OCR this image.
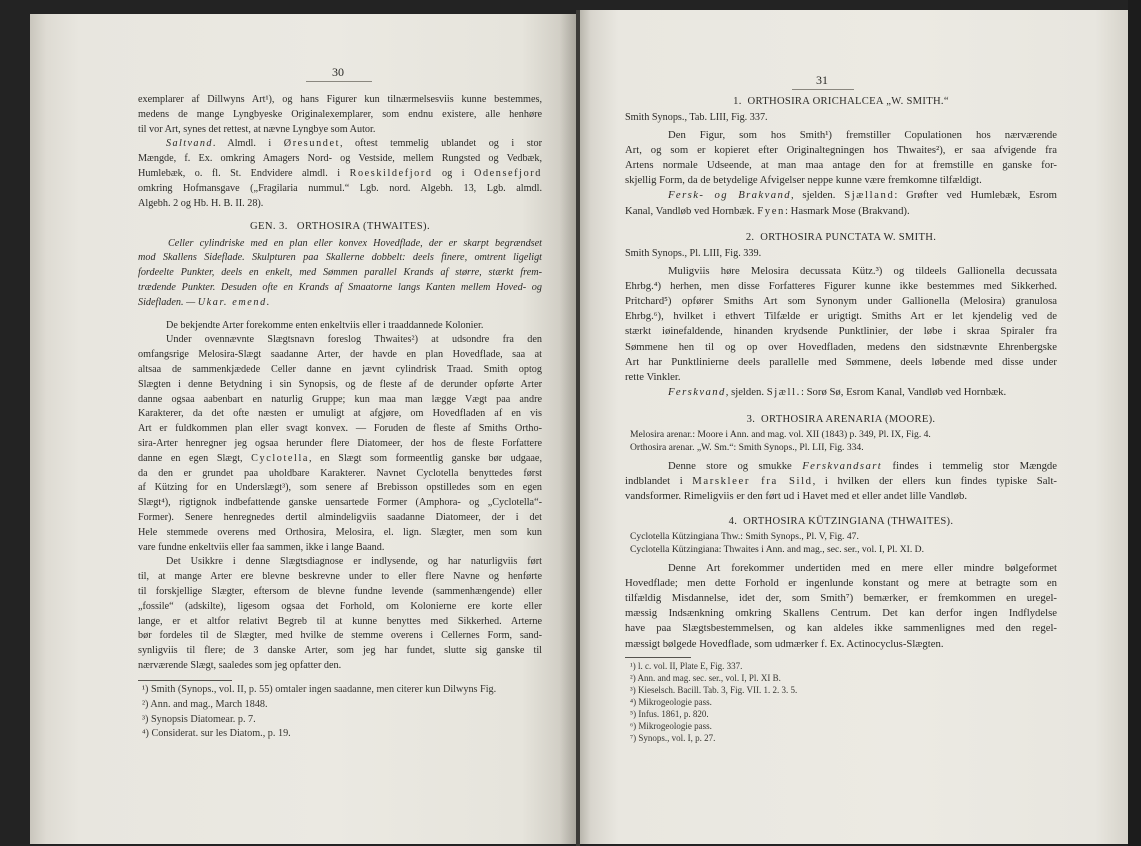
30
exemplarer af Dillwyns Art¹), og hans Figurer kun tilnærmelsesviis kunne bestemmes,
medens de mange Lyngbyeske Originalexemplarer, som endnu existere, alle henhøre
til vor Art, synes det rettest, at nævne Lyngbye som Autor.
Saltvand. Almdl. i Øresundet, oftest temmelig ublandet og i stor
Mængde, f. Ex. omkring Amagers Nord- og Vestside, mellem Rungsted og Vedbæk,
Humlebæk, o. fl. St. Endvidere almdl. i Roeskildefjord og i Odensefjord
omkring Hofmansgave („Fragilaria nummul.“ Lgb. nord. Algebh. 13, Lgb. almdl.
Algebh. 2 og Hb. H. B. II. 28).
GEN. 3.   ORTHOSIRA (THWAITES).
Celler cylindriske med en plan eller konvex Hovedflade, der er skarpt begrændset
mod Skallens Sideflade. Skulpturen paa Skallerne dobbelt: deels finere, omtrent ligeligt
fordeelte Punkter, deels en enkelt, med Sømmen parallel Krands af større, stærkt frem-
trædende Punkter. Desuden ofte en Krands af Smaatorne langs Kanten mellem Hoved- og
Sidefladen. — Ukar. emend.
De bekjendte Arter forekomme enten enkeltviis eller i traaddannede Kolonier.
Under ovennævnte Slægtsnavn foreslog Thwaites²) at udsondre fra den
omfangsrige Melosira-Slægt saadanne Arter, der havde en plan Hovedflade, saa at
altsaa de sammenkjædede Celler danne en jævnt cylindrisk Traad. Smith optog
Slægten i denne Betydning i sin Synopsis, og de fleste af de derunder opførte Arter
danne ogsaa aabenbart en naturlig Gruppe; kun maa man lægge Vægt paa andre
Karakterer, da det ofte næsten er umuligt at afgjøre, om Hovedfladen af en vis
Art er fuldkommen plan eller svagt konvex. — Foruden de fleste af Smiths Ortho-
sira-Arter henregner jeg ogsaa herunder flere Diatomeer, der hos de fleste Forfattere
danne en egen Slægt, Cyclotella, en Slægt som formeentlig ganske bør udgaae,
da den er grundet paa uholdbare Karakterer. Navnet Cyclotella benyttedes først
af Kützing for en Underslægt³), som senere af Brebisson opstilledes som en egen
Slægt⁴), rigtignok indbefattende ganske uensartede Former (Amphora- og „Cyclotella“-
Former). Senere henregnedes dertil almindeligviis saadanne Diatomeer, der i det
Hele stemmede overens med Orthosira, Melosira, el. lign. Slægter, men som kun
vare fundne enkeltviis eller faa sammen, ikke i lange Baand.
Det Usikkre i denne Slægtsdiagnose er indlysende, og har naturligviis ført
til, at mange Arter ere blevne beskrevne under to eller flere Navne og henførte
til forskjellige Slægter, eftersom de blevne fundne levende (sammenhængende) eller
„fossile“ (adskilte), ligesom ogsaa det Forhold, om Kolonierne ere korte eller
lange, er et altfor relativt Begreb til at kunne benyttes med Sikkerhed. Arterne
bør fordeles til de Slægter, med hvilke de stemme overens i Cellernes Form, sand-
synligviis til flere; de 3 danske Arter, som jeg har fundet, slutte sig ganske til
nærværende Slægt, saaledes som jeg opfatter den.
¹) Smith (Synops., vol. II, p. 55) omtaler ingen saadanne, men citerer kun Dilwyns Fig.
²) Ann. and mag., March 1848.
³) Synopsis Diatomear. p. 7.
⁴) Considerat. sur les Diatom., p. 19.
31
1.  ORTHOSIRA ORICHALCEA „W. SMITH.“
Smith Synops., Tab. LIII, Fig. 337.
Den Figur, som hos Smith¹) fremstiller Copulationen hos nærværende
Art, og som er kopieret efter Originaltegningen hos Thwaites²), er saa afvigende fra
Artens normale Udseende, at man maa antage den for at fremstille en ganske for-
skjellig Form, da de betydelige Afvigelser neppe kunne være fremkomne tilfældigt.
Fersk- og Brakvand, sjelden. Sjælland: Grøfter ved Humlebæk, Esrom
Kanal, Vandløb ved Hornbæk. Fyen: Hasmark Mose (Brakvand).
2.  ORTHOSIRA PUNCTATA W. SMITH.
Smith Synops., Pl. LIII, Fig. 339.
Muligviis høre Melosira decussata Kütz.³) og tildeels Gallionella decussata
Ehrbg.⁴) herhen, men disse Forfatteres Figurer kunne ikke bestemmes med Sikkerhed.
Pritchard⁵) opfører Smiths Art som Synonym under Gallionella (Melosira) granulosa
Ehrbg.⁶), hvilket i ethvert Tilfælde er urigtigt. Smiths Art er let kjendelig ved de
stærkt iøinefaldende, hinanden krydsende Punktlinier, der løbe i skraa Spiraler fra
Sømmene hen til og op over Hovedfladen, medens den sidstnævnte Ehrenbergske
Art har Punktlinierne deels parallelle med Sømmene, deels løbende med disse under
rette Vinkler.
Ferskvand, sjelden. Sjæll.: Sorø Sø, Esrom Kanal, Vandløb ved Hornbæk.
3.  ORTHOSIRA ARENARIA (MOORE).
Melosira arenar.: Moore i Ann. and mag. vol. XII (1843) p. 349, Pl. IX, Fig. 4.
Orthosira arenar. „W. Sm.“: Smith Synops., Pl. LII, Fig. 334.
Denne store og smukke Ferskvandsart findes i temmelig stor Mængde
indblandet i Marskleer fra Sild, i hvilken der ellers kun findes typiske Salt-
vandsformer. Rimeligviis er den ført ud i Havet med et eller andet lille Vandløb.
4.  ORTHOSIRA KÜTZINGIANA (THWAITES).
Cyclotella Kützingiana Thw.: Smith Synops., Pl. V, Fig. 47.
Cyclotella Kützingiana: Thwaites i Ann. and mag., sec. ser., vol. I, Pl. XI. D.
Denne Art forekommer undertiden med en mere eller mindre bølgeformet
Hovedflade; men dette Forhold er ingenlunde konstant og mere at betragte som en
tilfældig Misdannelse, idet der, som Smith⁷) bemærker, er fremkommen en uregel-
mæssig Indsænkning omkring Skallens Centrum. Det kan derfor ingen Indflydelse
have paa Slægtsbestemmelsen, og kan aldeles ikke sammenlignes med den regel-
mæssigt bølgede Hovedflade, som udmærker f. Ex. Actinocyclus-Slægten.
¹) l. c. vol. II, Plate E, Fig. 337.
²) Ann. and mag. sec. ser., vol. I, Pl. XI B.
³) Kieselsch. Bacill. Tab. 3, Fig. VII. 1. 2. 3. 5.
⁴) Mikrogeologie pass.
⁵) Infus. 1861, p. 820.
⁶) Mikrogeologie pass.
⁷) Synops., vol. I, p. 27.
